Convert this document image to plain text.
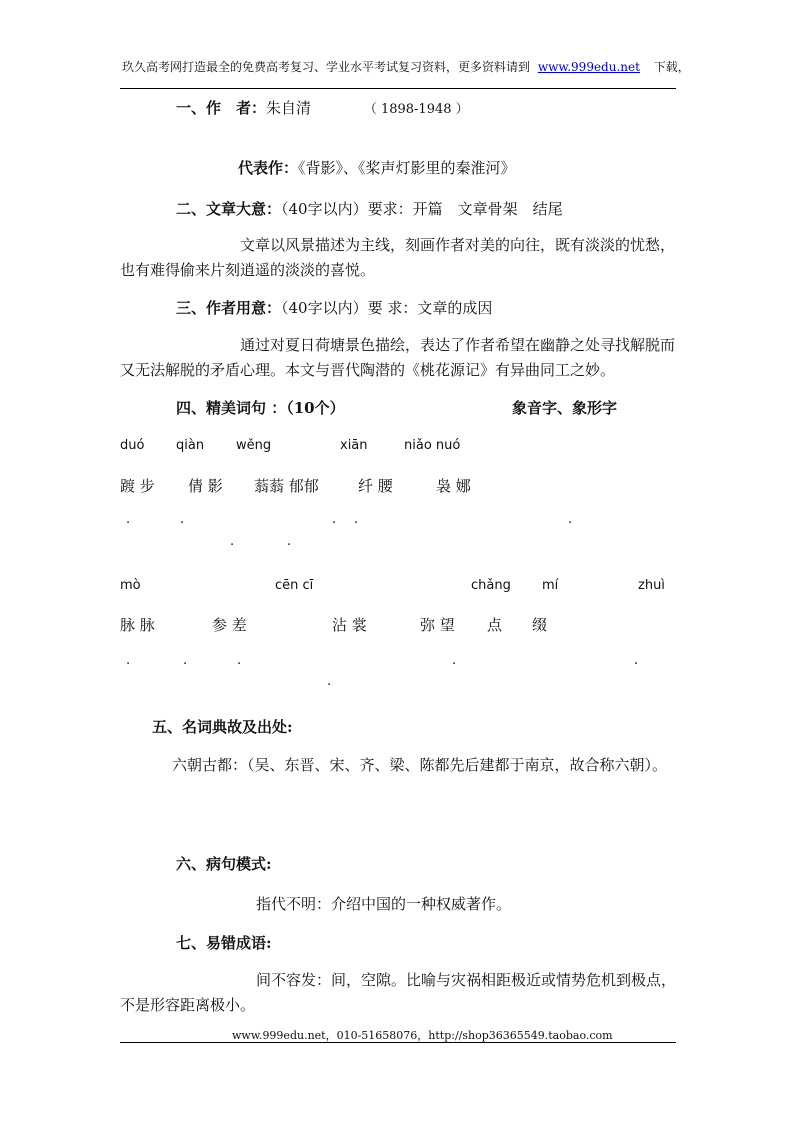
玖久高考网打造最全的免费高考复习、学业水平考试复习资料，更多资料请到 www.999edu.net 下载，
一、作　者：朱自清	（ 1898-1948 ）
代表作：《背影》、《桨声灯影里的秦淮河》
二、文章大意：（40字以内）要求：开篇　文章骨架　结尾
文章以风景描述为主线，刻画作者对美的向往，既有淡淡的忧愁，也有难得偷来片刻逍遥的淡淡的喜悦。
三、作者用意：（40字以内）要 求：文章的成因
通过对夏日荷塘景色描绘，表达了作者希望在幽静之处寻找解脱而又无法解脱的矛盾心理。本文与晋代陶潜的《桃花源记》有异曲同工之妙。
四、精美词句 ：（10个）	象音字、象形字
duó qiàn wěng	xiān	niǎo nuó
踱 步 倩 影 蓊蓊 郁郁	纤 腰	袅 娜
.	.	. .	.
.	.
mò	cēn cī	chǎng mí	zhuì
脉 脉	参 差	沾 裳	弥 望 点 缀
.	.	.	.	.
.
五、名词典故及出处:
六朝古都：（吴、东晋、宋、齐、梁、陈都先后建都于南京，故合称六朝）。
六、病句模式:
指代不明：介绍中国的一种权威著作。
七、易错成语:
间不容发：间，空隙。比喻与灾祸相距极近或情势危机到极点，不是形容距离极小。
www.999edu.net，010-51658076，http://shop36365549.taobao.com
